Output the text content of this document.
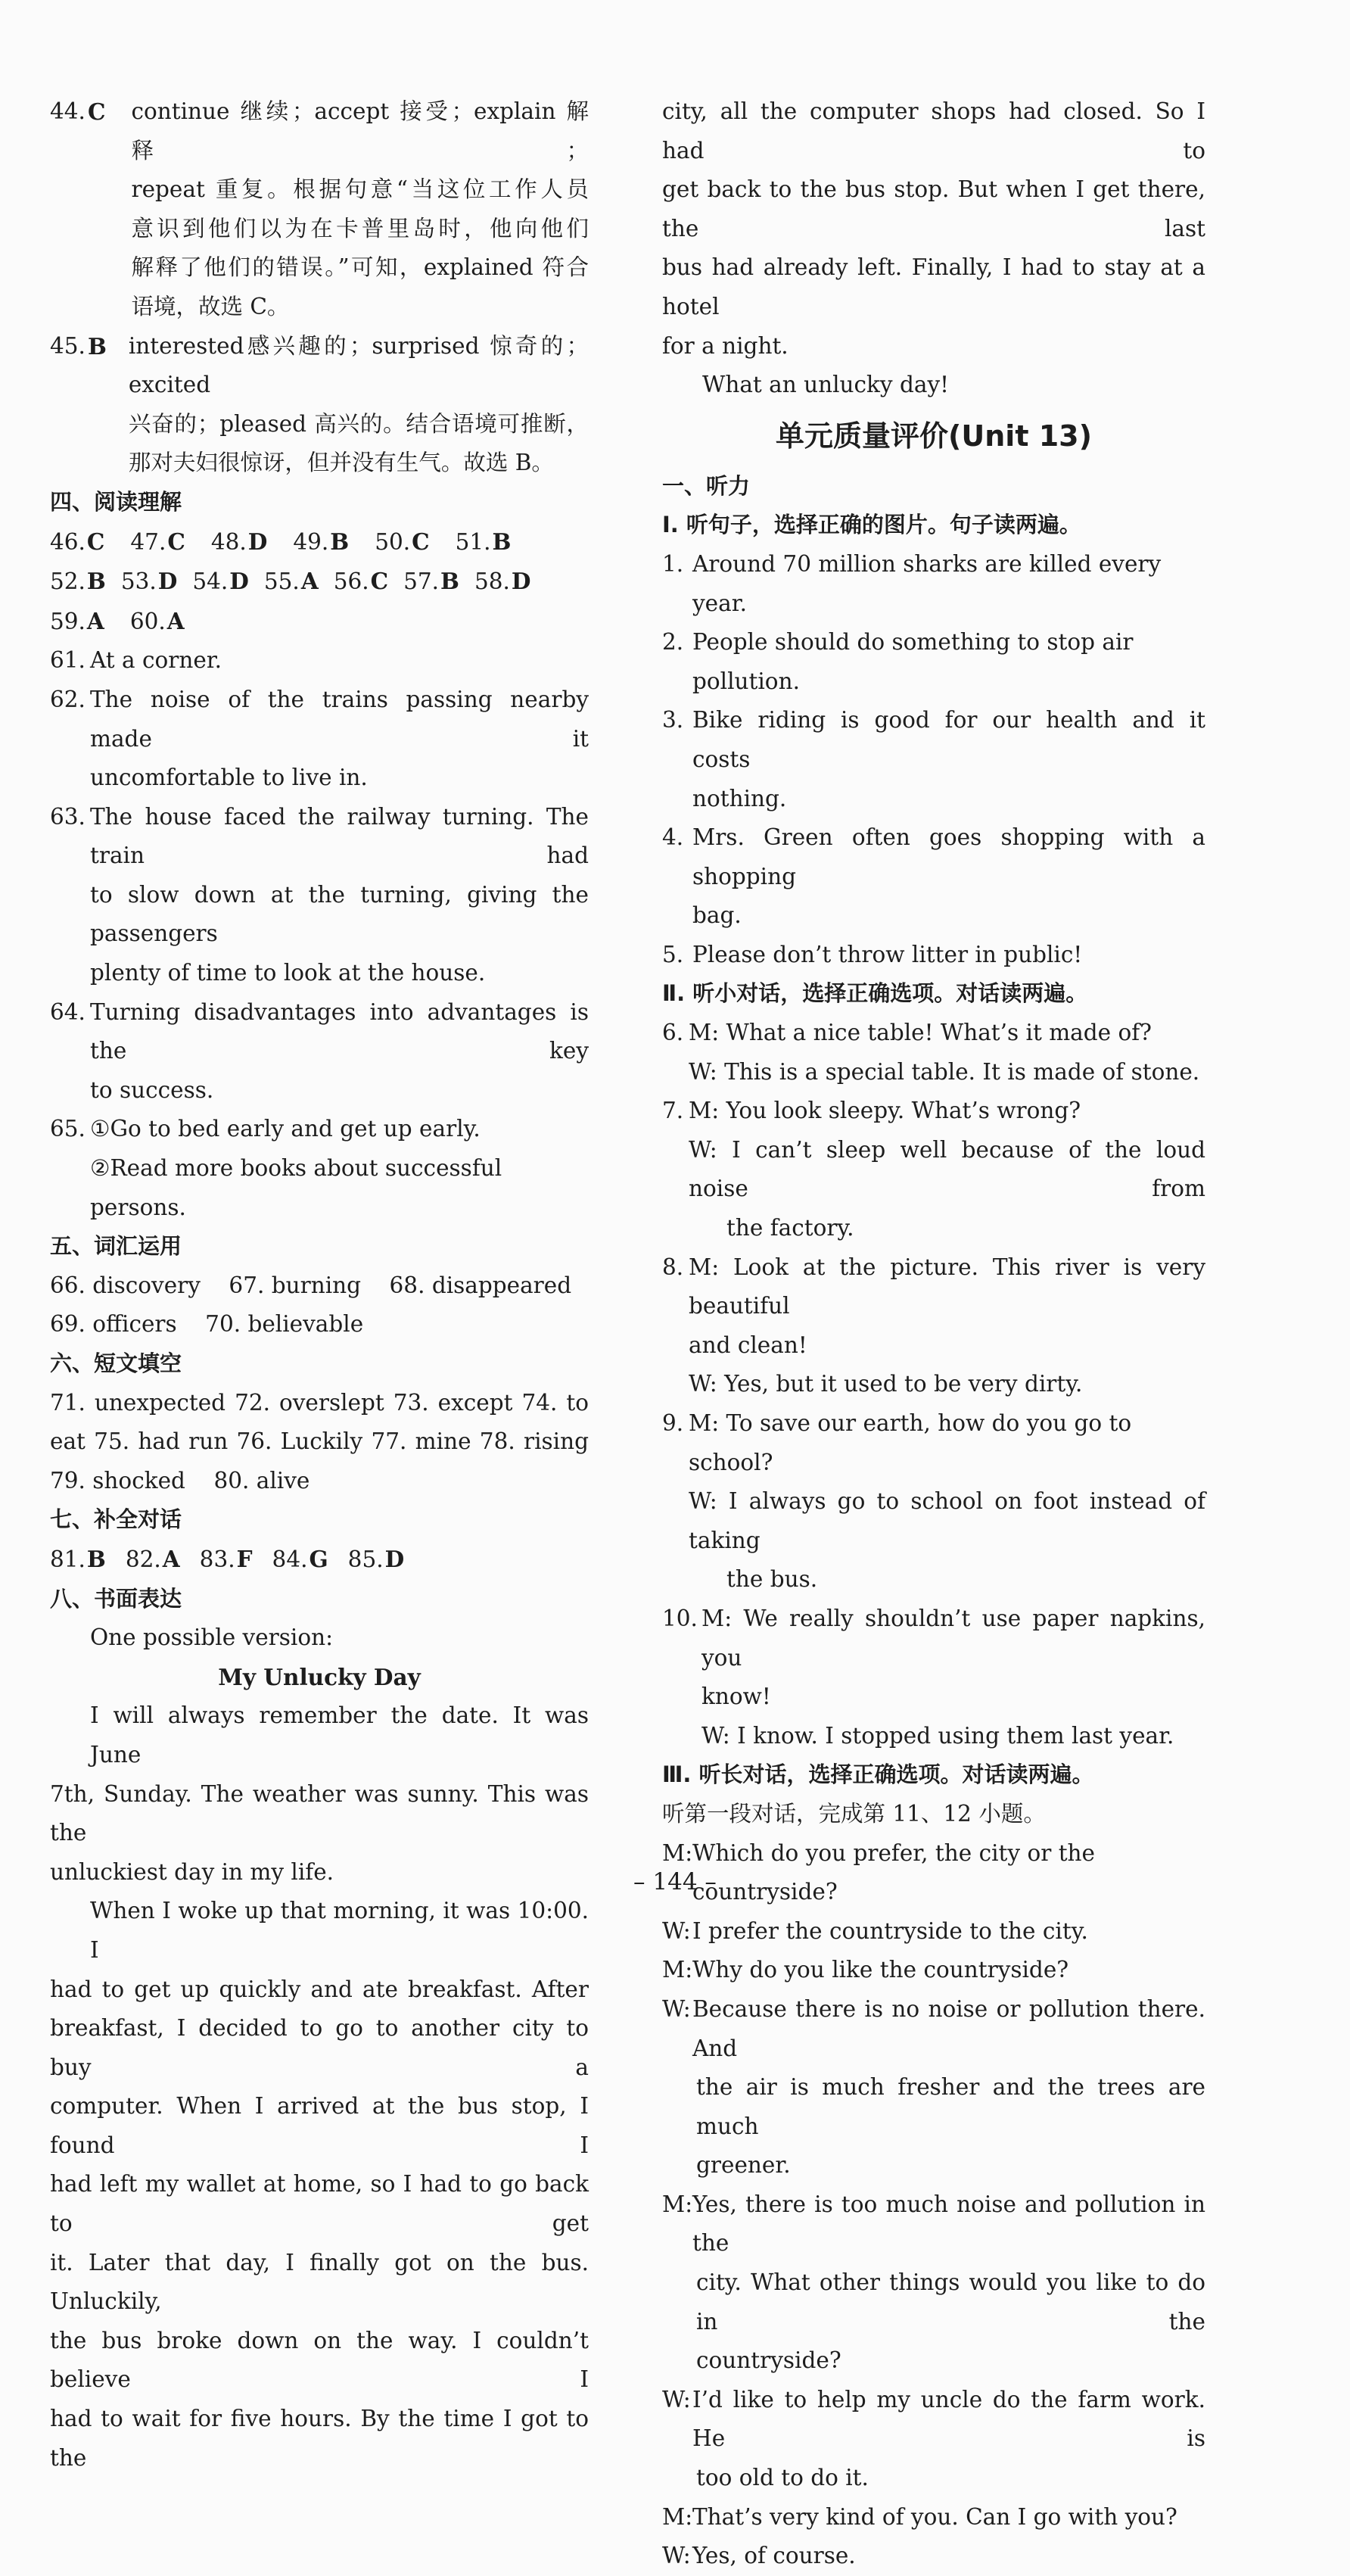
44. C	continue 继续；accept 接受；explain 解释；

repeat 重复。根据句意“当这位工作人员

意识到他们以为在卡普里岛时，他向他们

解释了他们的错误。”可知，explained 符合

语境，故选 C。

45. B interested感兴趣的；surprised 惊奇的；excited

兴奋的；pleased 高兴的。结合语境可推断，

那对夫妇很惊讶，但并没有生气。故选 B。

四、阅读理解

46.C 47.C 48.D 49.B 50.C 51.B
52.B 53.D 54.D 55.A 56.C 57.B 58.D
59.A 60.A
61. At a corner.

62. The noise of the trains passing nearby made it

uncomfortable to live in.

63. The house faced the railway turning. The train had

to slow down at the turning, giving the passengers

plenty of time to look at the house.

64. Turning disadvantages into advantages is the key

to success.

65. ①Go to bed early and get up early.

②Read more books about successful persons.

五、词汇运用

66. discovery    67. burning    68. disappeared

69. officers    70. believable

六、短文填空

71. unexpected 72. overslept 73. except 74. to

eat 75. had run 76. Luckily 77. mine 78. rising

79. shocked    80. alive

七、补全对话

81.B 82.A 83.F 84.G 85.D

八、书面表达

One possible version:

My Unlucky Day

I will always remember the date. It was June

7th, Sunday. The weather was sunny. This was the

unluckiest day in my life.

When I woke up that morning, it was 10:00. I

had to get up quickly and ate breakfast. After

breakfast, I decided to go to another city to buy a

computer. When I arrived at the bus stop, I found I

had left my wallet at home, so I had to go back to get

it. Later that day, I finally got on the bus. Unluckily,

the bus broke down on the way. I couldn’t believe I

had to wait for five hours. By the time I got to the

city, all the computer shops had closed. So I had to

get back to the bus stop. But when I get there, the last

bus had already left. Finally, I had to stay at a hotel

for a night.

What an unlucky day!

单元质量评价(Unit 13)

一、听力

Ⅰ. 听句子，选择正确的图片。句子读两遍。

1. Around 70 million sharks are killed every year.

2. People should do something to stop air pollution.

3. Bike riding is good for our health and it costs

nothing.

4. Mrs. Green often goes shopping with a shopping

bag.

5. Please don’t throw litter in public!

Ⅱ. 听小对话，选择正确选项。对话读两遍。

6. M: What a nice table! What’s it made of?

W: This is a special table. It is made of stone.

7. M: You look sleepy. What’s wrong?

W: I can’t sleep well because of the loud noise from

the factory.

8. M: Look at the picture. This river is very beautiful

and clean!

W: Yes, but it used to be very dirty.

9. M: To save our earth, how do you go to school?

W: I always go to school on foot instead of taking

the bus.

10. M: We really shouldn’t use paper napkins, you

know!

W: I know. I stopped using them last year.

Ⅲ. 听长对话，选择正确选项。对话读两遍。

听第一段对话，完成第 11、12 小题。

M: Which do you prefer, the city or the countryside?

W: I prefer the countryside to the city.

M: Why do you like the countryside?

W: Because there is no noise or pollution there. And

the air is much fresher and the trees are much

greener.

M: Yes, there is too much noise and pollution in the

city. What other things would you like to do in the

countryside?

W: I’d like to help my uncle do the farm work. He is

too old to do it.

M: That’s very kind of you. Can I go with you?

W: Yes, of course.

– 144 –
